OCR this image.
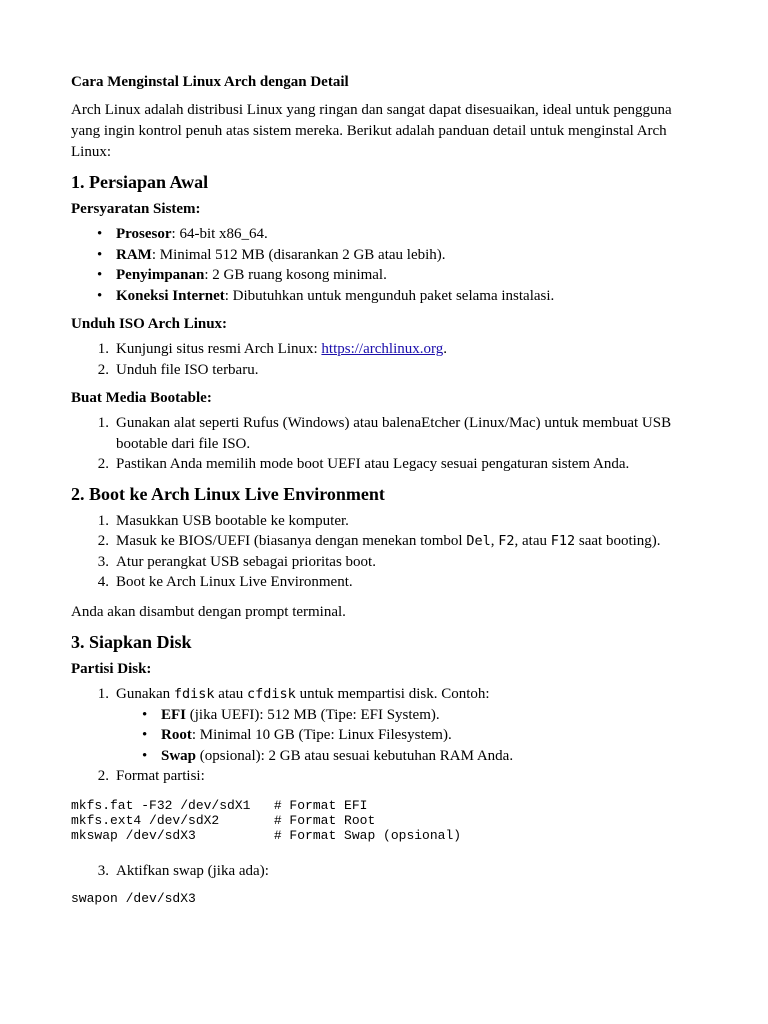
Cara Menginstal Linux Arch dengan Detail

Arch Linux adalah distribusi Linux yang ringan dan sangat dapat disesuaikan, ideal untuk pengguna yang ingin kontrol penuh atas sistem mereka. Berikut adalah panduan detail untuk menginstal Arch Linux:

1. Persiapan Awal

Persyaratan Sistem:

• Prosesor: 64-bit x86_64.
• RAM: Minimal 512 MB (disarankan 2 GB atau lebih).
• Penyimpanan: 2 GB ruang kosong minimal.
• Koneksi Internet: Dibutuhkan untuk mengunduh paket selama instalasi.

Unduh ISO Arch Linux:

1. Kunjungi situs resmi Arch Linux: https://archlinux.org.
2. Unduh file ISO terbaru.

Buat Media Bootable:

1. Gunakan alat seperti Rufus (Windows) atau balenaEtcher (Linux/Mac) untuk membuat USB bootable dari file ISO.
2. Pastikan Anda memilih mode boot UEFI atau Legacy sesuai pengaturan sistem Anda.
2. Boot ke Arch Linux Live Environment
1. Masukkan USB bootable ke komputer.
2. Masuk ke BIOS/UEFI (biasanya dengan menekan tombol Del, F2, atau F12 saat booting).
3. Atur perangkat USB sebagai prioritas boot.
4. Boot ke Arch Linux Live Environment.

Anda akan disambut dengan prompt terminal.

3. Siapkan Disk

Partisi Disk:

1. Gunakan fdisk atau cfdisk untuk mempartisi disk. Contoh:
• EFI (jika UEFI): 512 MB (Tipe: EFI System).
• Root: Minimal 10 GB (Tipe: Linux Filesystem).
• Swap (opsional): 2 GB atau sesuai kebutuhan RAM Anda.
2. Format partisi:
mkfs.fat -F32 /dev/sdX1   # Format EFI
mkfs.ext4 /dev/sdX2       # Format Root
mkswap /dev/sdX3          # Format Swap (opsional)
3. Aktifkan swap (jika ada):
swapon /dev/sdX3
